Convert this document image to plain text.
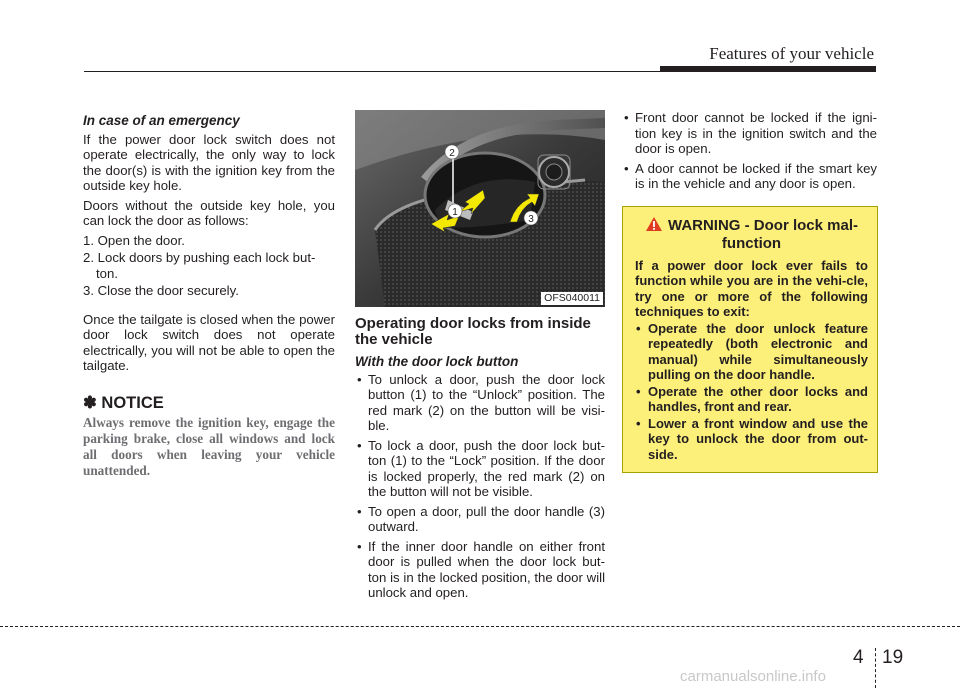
Features of your vehicle
In case of an emergency

If the power door lock switch does not operate electrically, the only way to lock the door(s) is with the ignition key from the outside key hole.

Doors without the outside key hole, you can lock the door as follows:

1. Open the door.
2. Lock doors by pushing each lock but-ton.
3. Close the door securely.

Once the tailgate is closed when the power door lock switch does not operate electrically, you will not be able to open the tailgate.

✽ NOTICE
Always remove the ignition key, engage the parking brake, close all windows and lock all doors when leaving your vehicle unattended.
2
1
3
OFS040011
Operating door locks from inside the vehicle
With the door lock button
• To unlock a door, push the door lock button (1) to the “Unlock” position. The red mark (2) on the button will be visi-ble.
• To lock a door, push the door lock but-ton (1) to the “Lock” position. If the door is locked properly, the red mark (2) on the button will not be visible.
• To open a door, pull the door handle (3) outward.
• If the inner door handle on either front door is pulled when the door lock but-ton is in the locked position, the door will unlock and open.
• Front door cannot be locked if the igni-tion key is in the ignition switch and the door is open.
• A door cannot be locked if the smart key is in the vehicle and any door is open.
WARNING - Door lock mal-
function
If a power door lock ever fails to function while you are in the vehi-cle, try one or more of the following techniques to exit:
• Operate the door unlock feature repeatedly (both electronic and manual) while simultaneously pulling on the door handle.
• Operate the other door locks and handles, front and rear.
• Lower a front window and use the key to unlock the door from out-side.
4 19
carmanualsonline.info
